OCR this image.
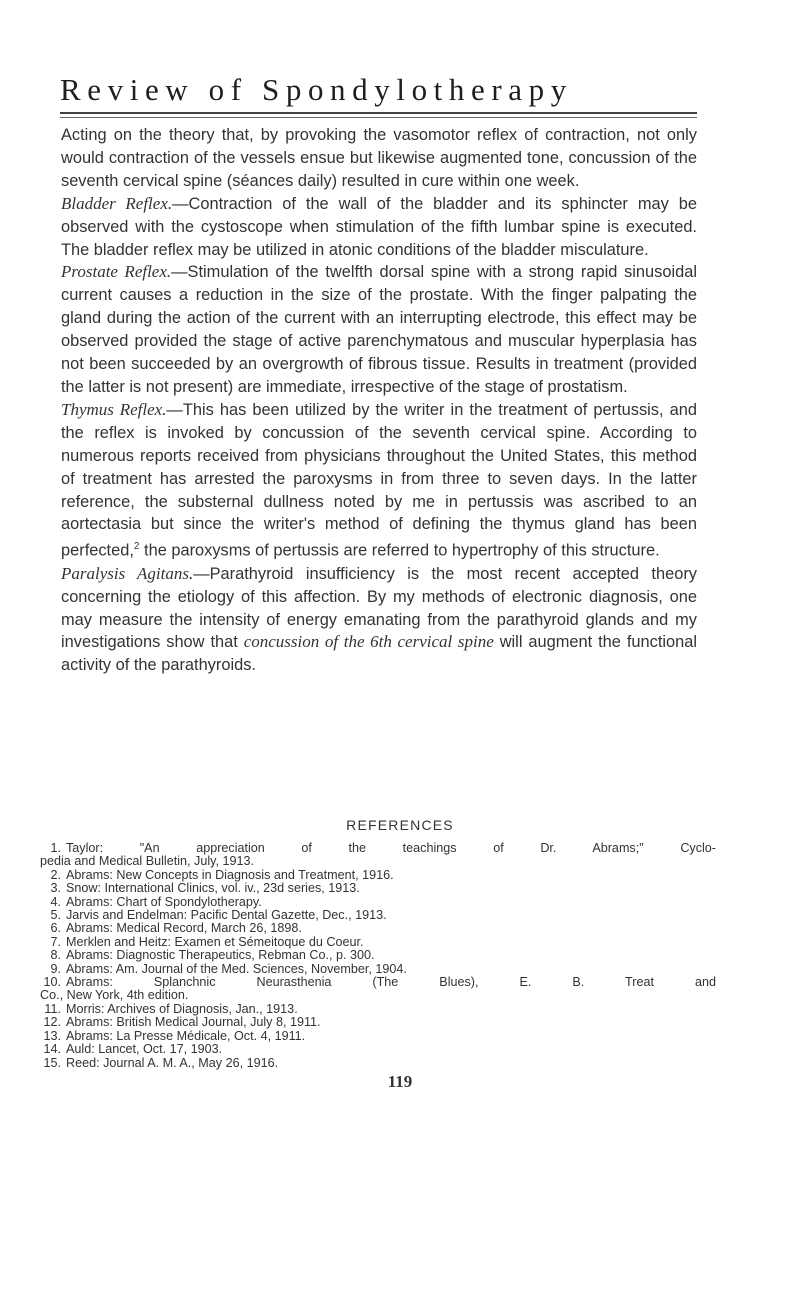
Review of Spondylotherapy

Acting on the theory that, by provoking the vasomotor reflex of contraction, not only would contraction of the vessels ensue but likewise augmented tone, concussion of the seventh cervical spine (séances daily) resulted in cure within one week.

Bladder Reflex.—Contraction of the wall of the bladder and its sphincter may be observed with the cystoscope when stimulation of the fifth lumbar spine is executed. The bladder reflex may be utilized in atonic conditions of the bladder misculature.

Prostate Reflex.—Stimulation of the twelfth dorsal spine with a strong rapid sinusoidal current causes a reduction in the size of the prostate. With the finger palpating the gland during the action of the current with an interrupting electrode, this effect may be observed provided the stage of active parenchymatous and muscular hyperplasia has not been succeeded by an overgrowth of fibrous tissue. Results in treatment (provided the latter is not present) are immediate, irrespective of the stage of prostatism.

Thymus Reflex.—This has been utilized by the writer in the treatment of pertussis, and the reflex is invoked by concussion of the seventh cervical spine. According to numerous reports received from physicians throughout the United States, this method of treatment has arrested the paroxysms in from three to seven days. In the latter reference, the substernal dullness noted by me in pertussis was ascribed to an aortectasia but since the writer's method of defining the thymus gland has been perfected,$^2$ the paroxysms of pertussis are referred to hypertrophy of this structure.

Paralysis Agitans.—Parathyroid insufficiency is the most recent accepted theory concerning the etiology of this affection. By my methods of electronic diagnosis, one may measure the intensity of energy emanating from the parathyroid glands and my investigations show that concussion of the 6th cervical spine will augment the functional activity of the parathyroids.

REFERENCES
1. Taylor: "An appreciation of the teachings of Dr. Abrams;" Cyclo-
pedia and Medical Bulletin, July, 1913.
2. Abrams: New Concepts in Diagnosis and Treatment, 1916.
3. Snow: International Clinics, vol. iv., 23d series, 1913.
4. Abrams: Chart of Spondylotherapy.
5. Jarvis and Endelman: Pacific Dental Gazette, Dec., 1913.
6. Abrams: Medical Record, March 26, 1898.
7. Merklen and Heitz: Examen et Sémeitoque du Coeur.
8. Abrams: Diagnostic Therapeutics, Rebman Co., p. 300.
9. Abrams: Am. Journal of the Med. Sciences, November, 1904.
10. Abrams: Splanchnic Neurasthenia (The Blues), E. B. Treat and
Co., New York, 4th edition.
11. Morris: Archives of Diagnosis, Jan., 1913.
12. Abrams: British Medical Journal, July 8, 1911.
13. Abrams: La Presse Médicale, Oct. 4, 1911.
14. Auld: Lancet, Oct. 17, 1903.
15. Reed: Journal A. M. A., May 26, 1916.
119
